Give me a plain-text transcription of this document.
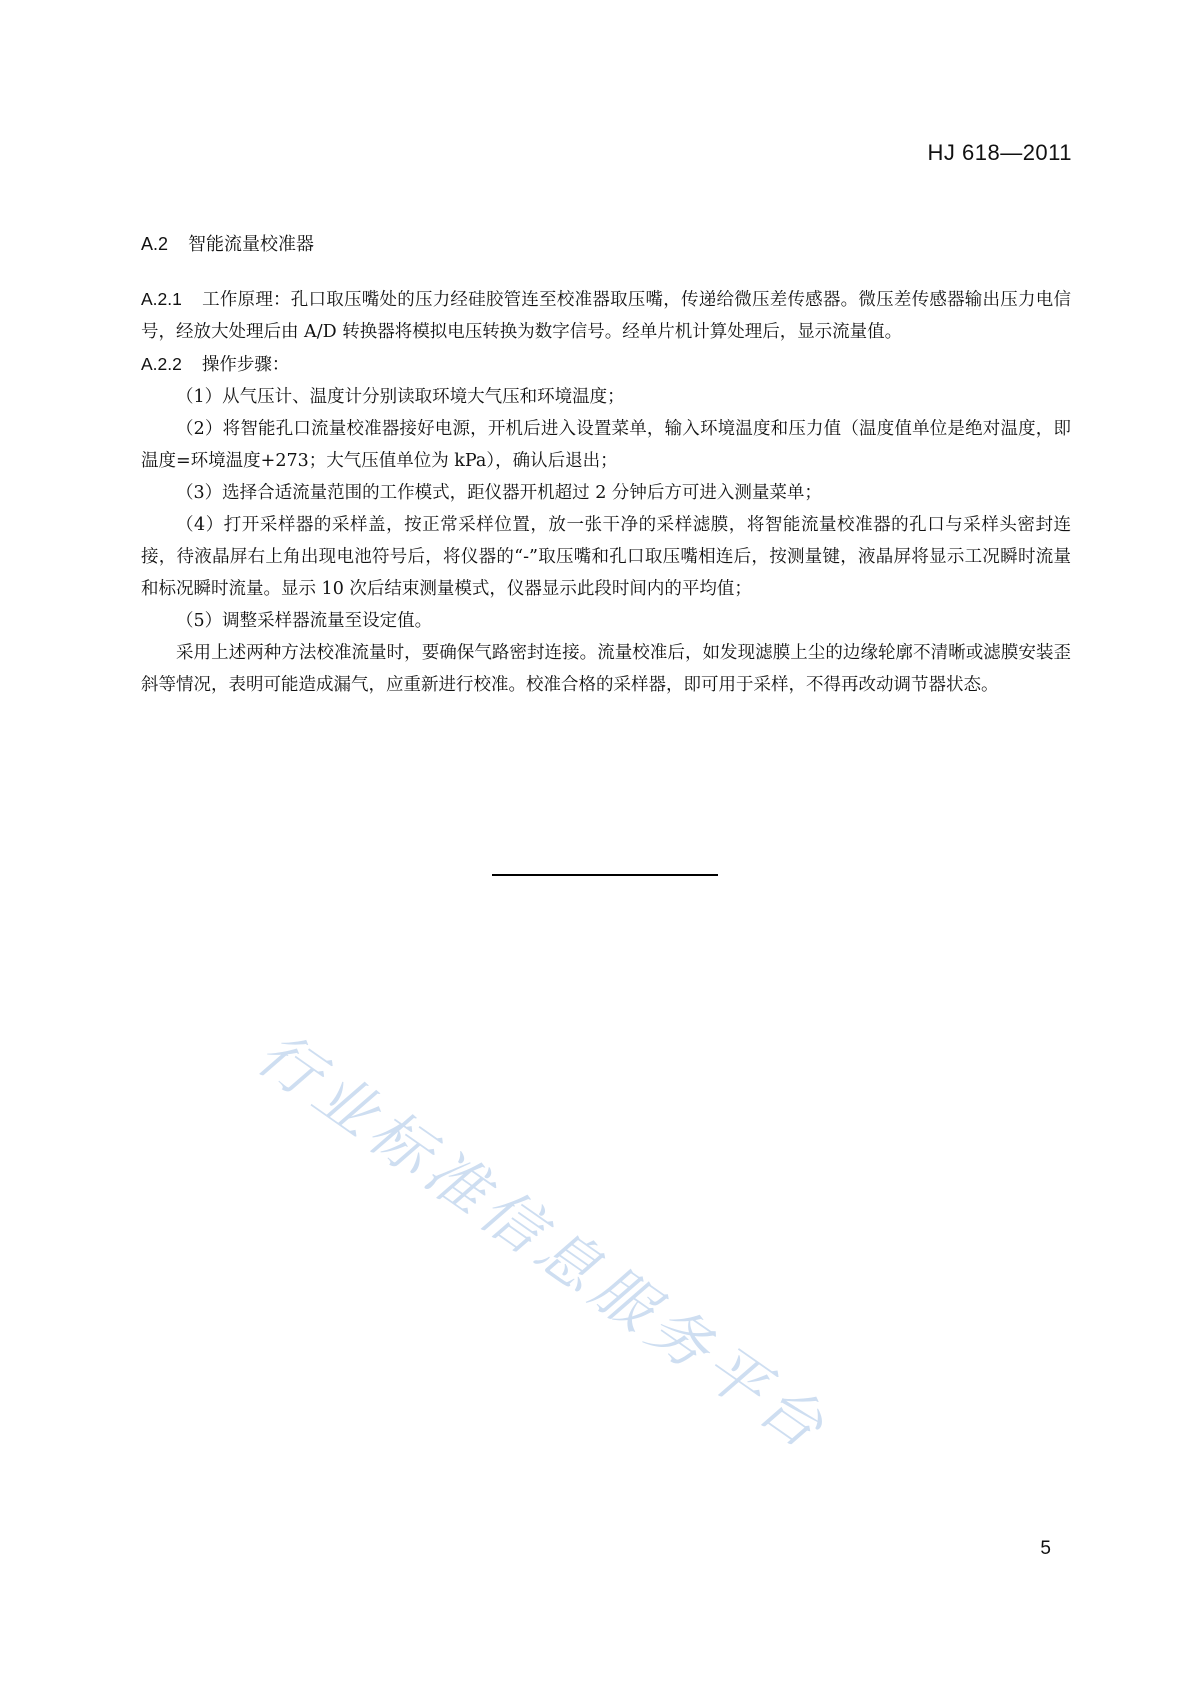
HJ 618—2011

A.2 智能流量校准器

A.2.1 工作原理：孔口取压嘴处的压力经硅胶管连至校准器取压嘴，传递给微压差传感器。微压差传感器输出压力电信号，经放大处理后由 A/D 转换器将模拟电压转换为数字信号。经单片机计算处理后，显示流量值。

A.2.2 操作步骤：

（1）从气压计、温度计分别读取环境大气压和环境温度；

（2）将智能孔口流量校准器接好电源，开机后进入设置菜单，输入环境温度和压力值（温度值单位是绝对温度，即温度=环境温度+273；大气压值单位为 kPa），确认后退出；

（3）选择合适流量范围的工作模式，距仪器开机超过 2 分钟后方可进入测量菜单；

（4）打开采样器的采样盖，按正常采样位置，放一张干净的采样滤膜，将智能流量校准器的孔口与采样头密封连接，待液晶屏右上角出现电池符号后，将仪器的“-”取压嘴和孔口取压嘴相连后，按测量键，液晶屏将显示工况瞬时流量和标况瞬时流量。显示 10 次后结束测量模式，仪器显示此段时间内的平均值；

（5）调整采样器流量至设定值。

采用上述两种方法校准流量时，要确保气路密封连接。流量校准后，如发现滤膜上尘的边缘轮廓不清晰或滤膜安装歪斜等情况，表明可能造成漏气，应重新进行校准。校准合格的采样器，即可用于采样，不得再改动调节器状态。

行业标准信息服务平台
5
